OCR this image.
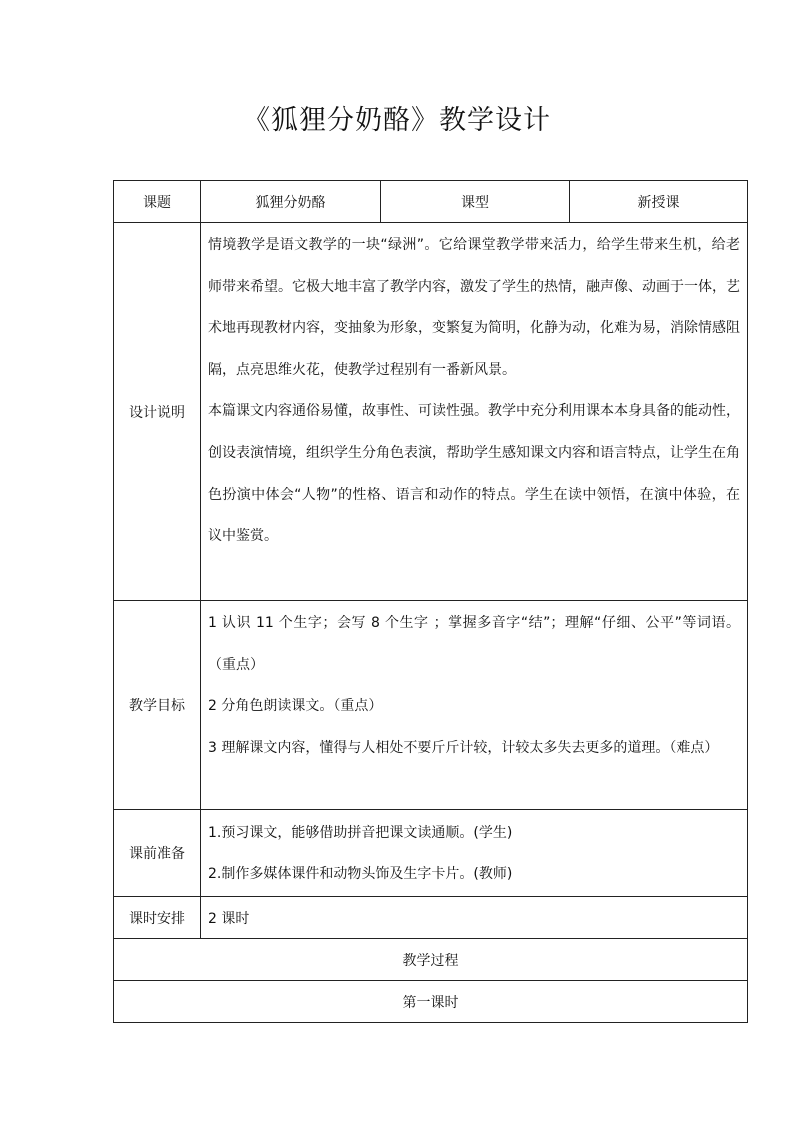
《狐狸分奶酪》教学设计
课题	狐狸分奶酪	课型	新授课
设计说明	情境教学是语文教学的一块“绿洲”。它给课堂教学带来活力，给学生带来生机，给老师带来希望。它极大地丰富了教学内容，激发了学生的热情，融声像、动画于一体，艺术地再现教材内容，变抽象为形象，变繁复为简明，化静为动，化难为易，消除情感阻隔，点亮思维火花，使教学过程别有一番新风景。

本篇课文内容通俗易懂，故事性、可读性强。教学中充分利用课本本身具备的能动性，创设表演情境，组织学生分角色表演，帮助学生感知课文内容和语言特点，让学生在角色扮演中体会“人物”的性格、语言和动作的特点。学生在读中领悟，在演中体验，在议中鉴赏。		

教学目标	1 认识 11 个生字；会写 8 个生字 ；掌握多音字“结”；理解“仔细、公平”等词语。（重点）

2 分角色朗读课文。（重点）

3 理解课文内容，懂得与人相处不要斤斤计较，计较太多失去更多的道理。（难点）		

课前准备	1.预习课文，能够借助拼音把课文读通顺。(学生)

2.制作多媒体课件和动物头饰及生字卡片。(教师)		

课时安排	2 课时		
教学过程			
第一课时			
